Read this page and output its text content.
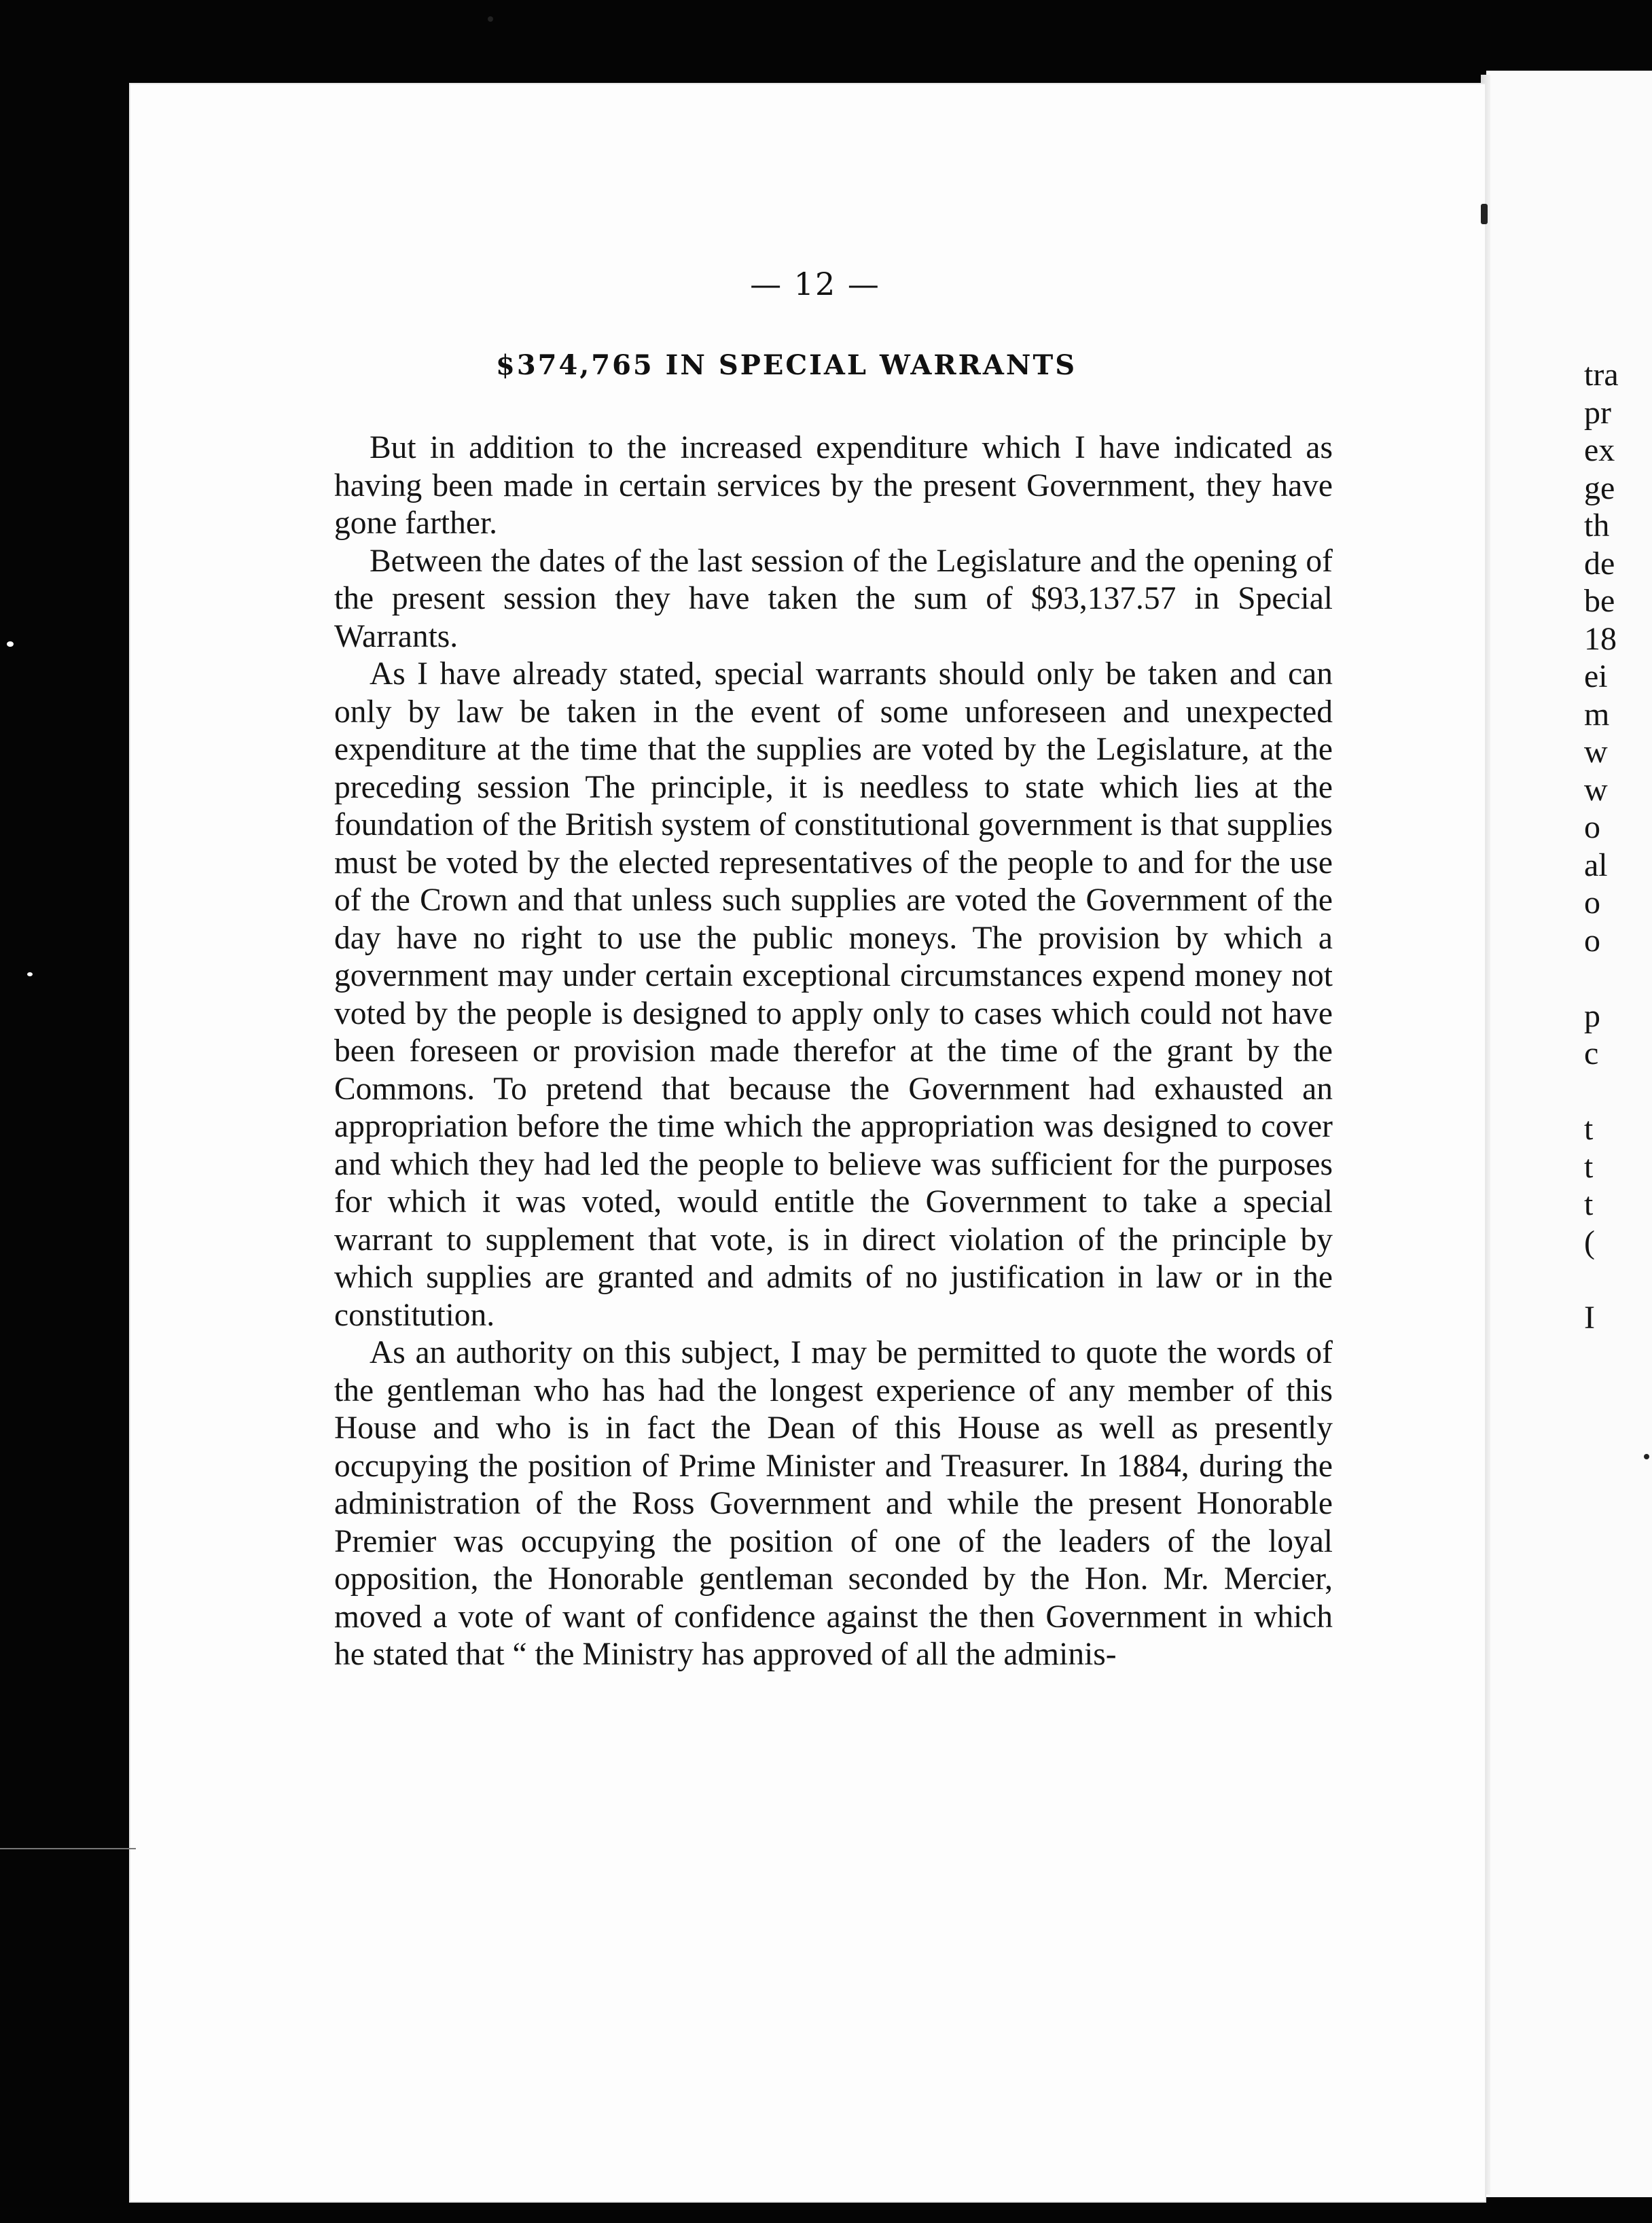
tra
pr
ex
ge
th
de
be
18
ei
m
w
w
o
al
o
o
p
c
t
t
t
(
I
— 12 —
$374,765 IN SPECIAL WARRANTS

But in addition to the increased expenditure which I have indicated as having been made in certain services by the present Government, they have gone farther.

Between the dates of the last session of the Legislature and the opening of the present session they have taken the sum of $93,137.57 in Special Warrants.

As I have already stated, special warrants should only be taken and can only by law be taken in the event of some unforeseen and unexpected expenditure at the time that the supplies are voted by the Legislature, at the preceding session The principle, it is needless to state which lies at the foundation of the British system of constitutional government is that supplies must be voted by the elected representatives of the people to and for the use of the Crown and that unless such supplies are voted the Government of the day have no right to use the public moneys. The provision by which a government may under certain exceptional circumstances expend money not voted by the people is designed to apply only to cases which could not have been foreseen or provision made therefor at the time of the grant by the Commons. To pretend that because the Government had exhausted an appropriation before the time which the appropriation was designed to cover and which they had led the people to believe was sufficient for the purposes for which it was voted, would entitle the Government to take a special warrant to supplement that vote, is in direct violation of the principle by which supplies are granted and admits of no justification in law or in the constitution.

As an authority on this subject, I may be permitted to quote the words of the gentleman who has had the longest experience of any member of this House and who is in fact the Dean of this House as well as presently occupying the position of Prime Minister and Treasurer. In 1884, during the administration of the Ross Government and while the present Honorable Premier was occupying the position of one of the leaders of the loyal opposition, the Honorable gentleman seconded by the Hon. Mr. Mercier, moved a vote of want of confidence against the then Government in which he stated that “ the Ministry has approved of all the adminis-
